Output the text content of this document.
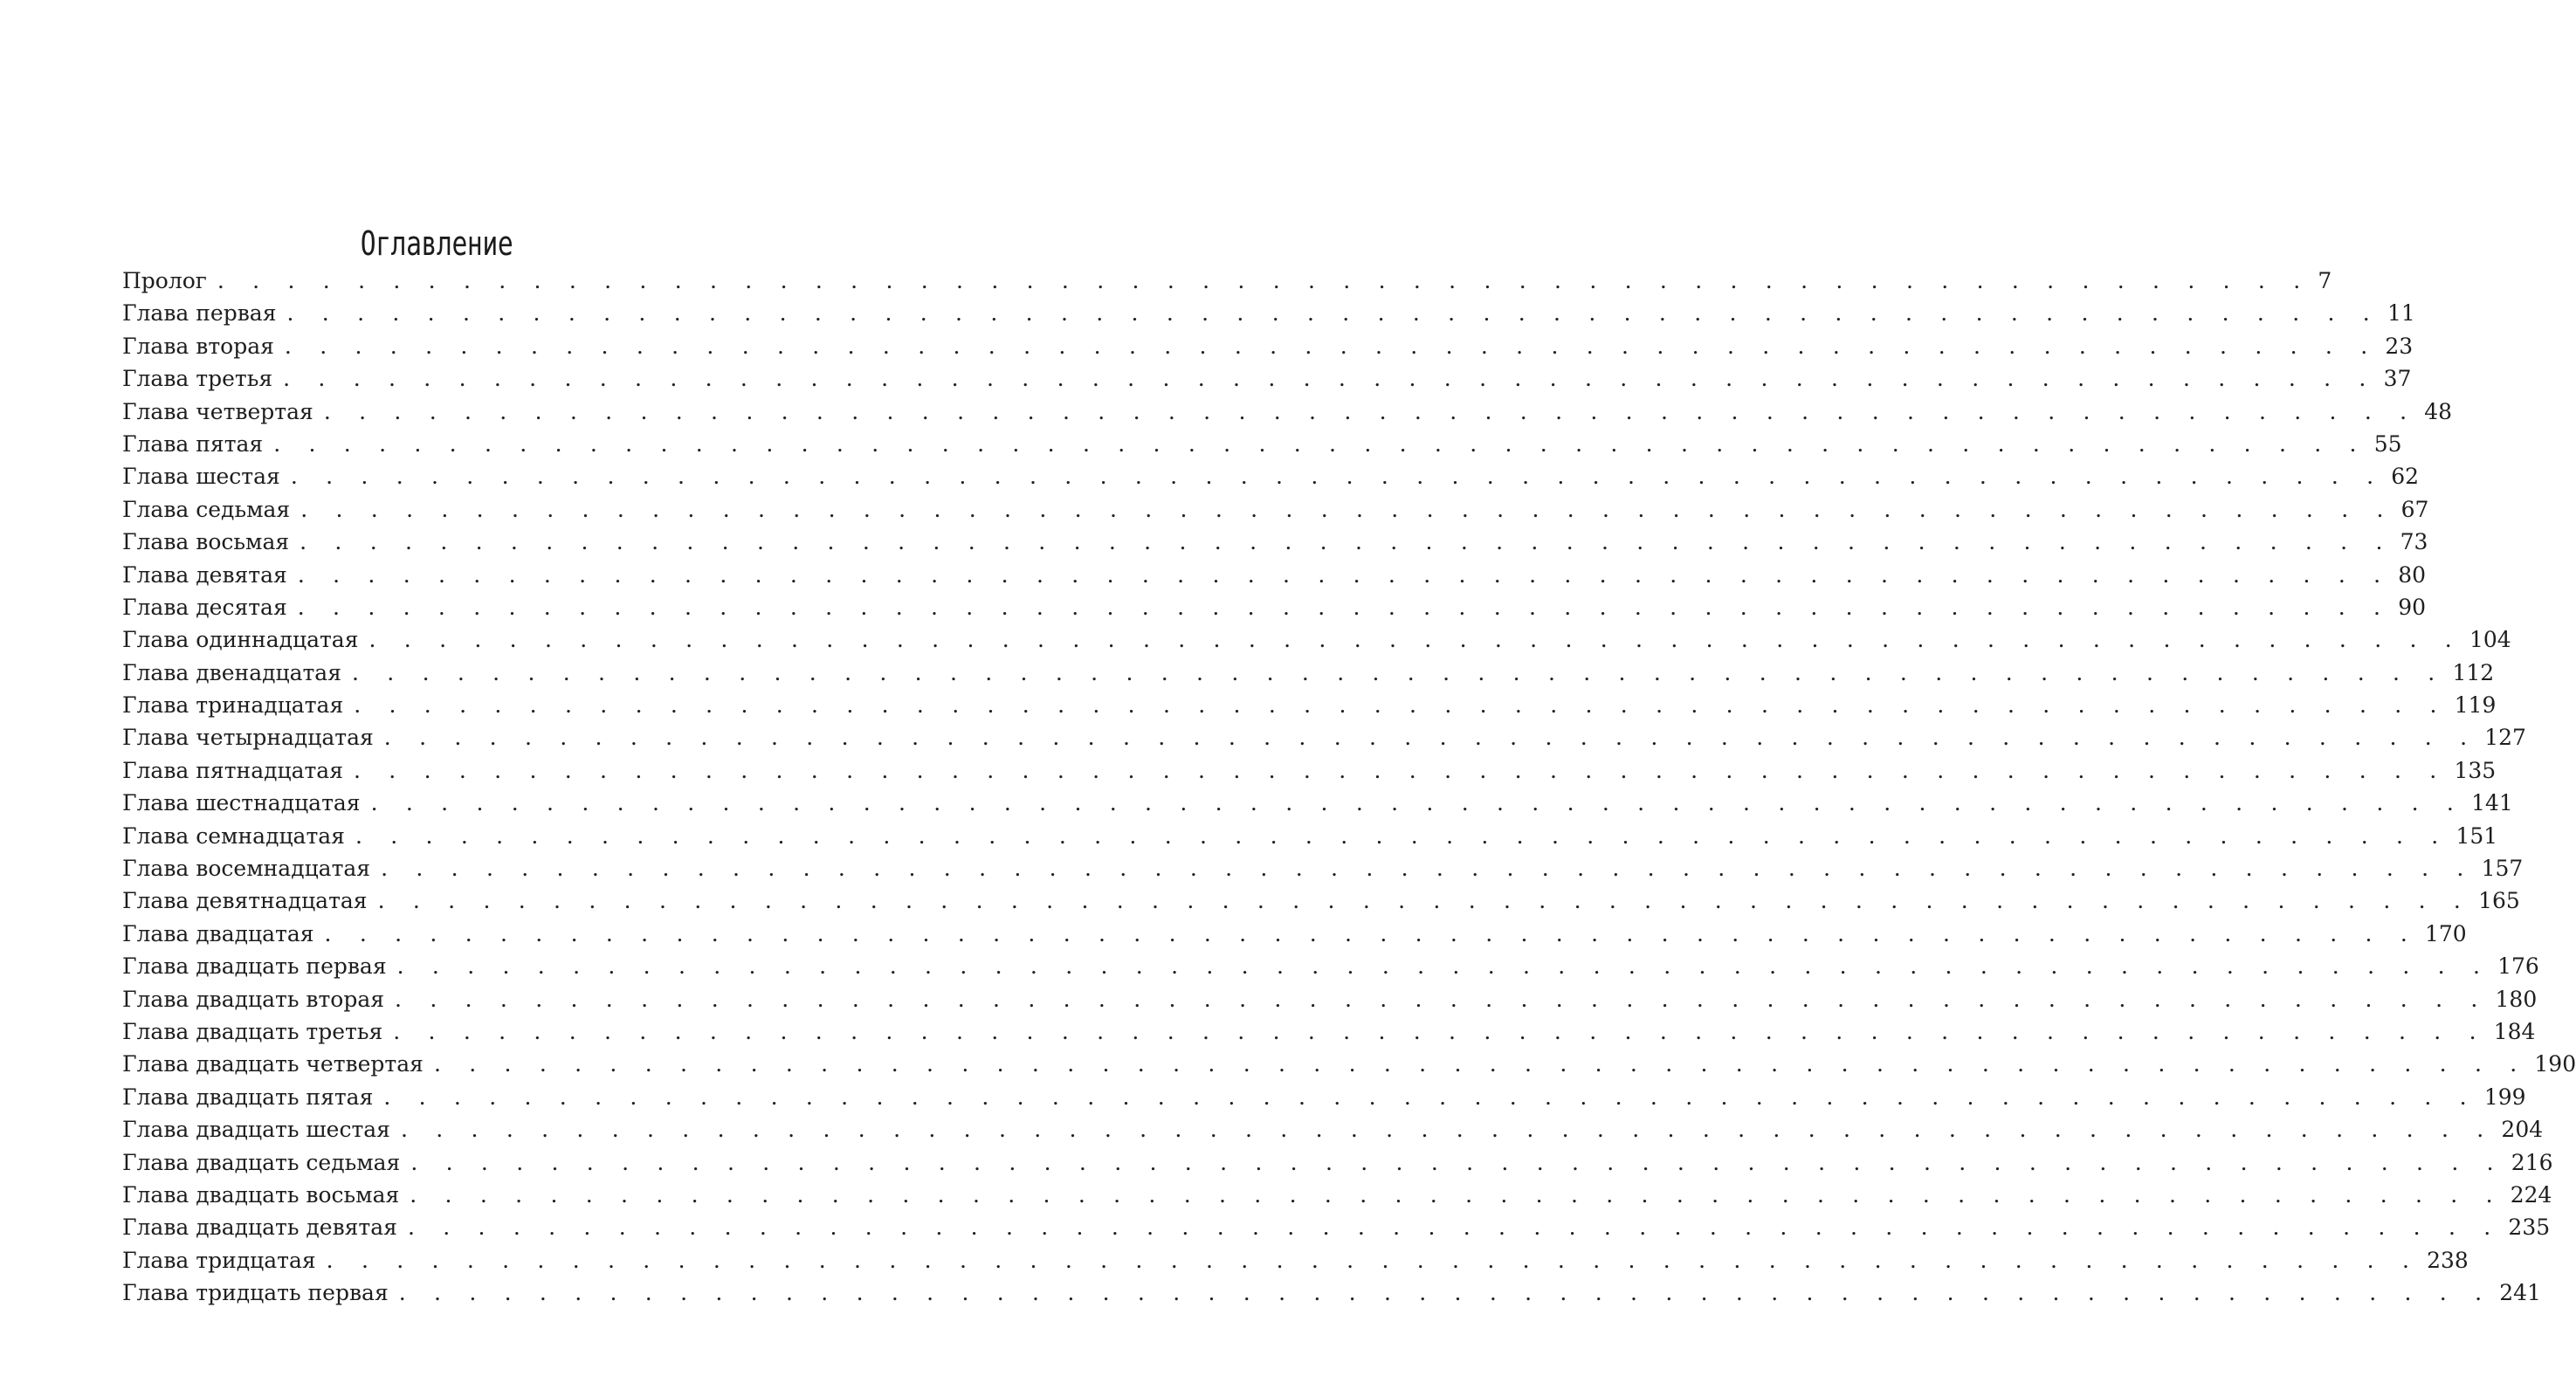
Оглавление
Пролог . . . . . . . . . . . . . . . . . . . . . . . . . . . . . . . . . . . . . . . . . . . . . . . . . . . . . . . . . . . . 7
Глава первая . . . . . . . . . . . . . . . . . . . . . . . . . . . . . . . . . . . . . . . . . . . . . . . . . . . . . . . . . . . . 11
Глава вторая . . . . . . . . . . . . . . . . . . . . . . . . . . . . . . . . . . . . . . . . . . . . . . . . . . . . . . . . . . . . 23
Глава третья . . . . . . . . . . . . . . . . . . . . . . . . . . . . . . . . . . . . . . . . . . . . . . . . . . . . . . . . . . . . 37
Глава четвертая . . . . . . . . . . . . . . . . . . . . . . . . . . . . . . . . . . . . . . . . . . . . . . . . . . . . . . . . . . . . 48
Глава пятая . . . . . . . . . . . . . . . . . . . . . . . . . . . . . . . . . . . . . . . . . . . . . . . . . . . . . . . . . . . . 55
Глава шестая . . . . . . . . . . . . . . . . . . . . . . . . . . . . . . . . . . . . . . . . . . . . . . . . . . . . . . . . . . . . 62
Глава седьмая . . . . . . . . . . . . . . . . . . . . . . . . . . . . . . . . . . . . . . . . . . . . . . . . . . . . . . . . . . . . 67
Глава восьмая . . . . . . . . . . . . . . . . . . . . . . . . . . . . . . . . . . . . . . . . . . . . . . . . . . . . . . . . . . . . 73
Глава девятая . . . . . . . . . . . . . . . . . . . . . . . . . . . . . . . . . . . . . . . . . . . . . . . . . . . . . . . . . . . . 80
Глава десятая . . . . . . . . . . . . . . . . . . . . . . . . . . . . . . . . . . . . . . . . . . . . . . . . . . . . . . . . . . . . 90
Глава одиннадцатая . . . . . . . . . . . . . . . . . . . . . . . . . . . . . . . . . . . . . . . . . . . . . . . . . . . . . . . . . . . . 104
Глава двенадцатая . . . . . . . . . . . . . . . . . . . . . . . . . . . . . . . . . . . . . . . . . . . . . . . . . . . . . . . . . . . . 112
Глава тринадцатая . . . . . . . . . . . . . . . . . . . . . . . . . . . . . . . . . . . . . . . . . . . . . . . . . . . . . . . . . . . . 119
Глава четырнадцатая . . . . . . . . . . . . . . . . . . . . . . . . . . . . . . . . . . . . . . . . . . . . . . . . . . . . . . . . . . . . 127
Глава пятнадцатая . . . . . . . . . . . . . . . . . . . . . . . . . . . . . . . . . . . . . . . . . . . . . . . . . . . . . . . . . . . . 135
Глава шестнадцатая . . . . . . . . . . . . . . . . . . . . . . . . . . . . . . . . . . . . . . . . . . . . . . . . . . . . . . . . . . . . 141
Глава семнадцатая . . . . . . . . . . . . . . . . . . . . . . . . . . . . . . . . . . . . . . . . . . . . . . . . . . . . . . . . . . . . 151
Глава восемнадцатая . . . . . . . . . . . . . . . . . . . . . . . . . . . . . . . . . . . . . . . . . . . . . . . . . . . . . . . . . . . . 157
Глава девятнадцатая . . . . . . . . . . . . . . . . . . . . . . . . . . . . . . . . . . . . . . . . . . . . . . . . . . . . . . . . . . . . 165
Глава двадцатая . . . . . . . . . . . . . . . . . . . . . . . . . . . . . . . . . . . . . . . . . . . . . . . . . . . . . . . . . . . . 170
Глава двадцать первая . . . . . . . . . . . . . . . . . . . . . . . . . . . . . . . . . . . . . . . . . . . . . . . . . . . . . . . . . . . . 176
Глава двадцать вторая . . . . . . . . . . . . . . . . . . . . . . . . . . . . . . . . . . . . . . . . . . . . . . . . . . . . . . . . . . . . 180
Глава двадцать третья . . . . . . . . . . . . . . . . . . . . . . . . . . . . . . . . . . . . . . . . . . . . . . . . . . . . . . . . . . . . 184
Глава двадцать четвертая . . . . . . . . . . . . . . . . . . . . . . . . . . . . . . . . . . . . . . . . . . . . . . . . . . . . . . . . . . . . 190
Глава двадцать пятая . . . . . . . . . . . . . . . . . . . . . . . . . . . . . . . . . . . . . . . . . . . . . . . . . . . . . . . . . . . . 199
Глава двадцать шестая . . . . . . . . . . . . . . . . . . . . . . . . . . . . . . . . . . . . . . . . . . . . . . . . . . . . . . . . . . . . 204
Глава двадцать седьмая . . . . . . . . . . . . . . . . . . . . . . . . . . . . . . . . . . . . . . . . . . . . . . . . . . . . . . . . . . . . 216
Глава двадцать восьмая . . . . . . . . . . . . . . . . . . . . . . . . . . . . . . . . . . . . . . . . . . . . . . . . . . . . . . . . . . . . 224
Глава двадцать девятая . . . . . . . . . . . . . . . . . . . . . . . . . . . . . . . . . . . . . . . . . . . . . . . . . . . . . . . . . . . . 235
Глава тридцатая . . . . . . . . . . . . . . . . . . . . . . . . . . . . . . . . . . . . . . . . . . . . . . . . . . . . . . . . . . . . 238
Глава тридцать первая . . . . . . . . . . . . . . . . . . . . . . . . . . . . . . . . . . . . . . . . . . . . . . . . . . . . . . . . . . . . 241
